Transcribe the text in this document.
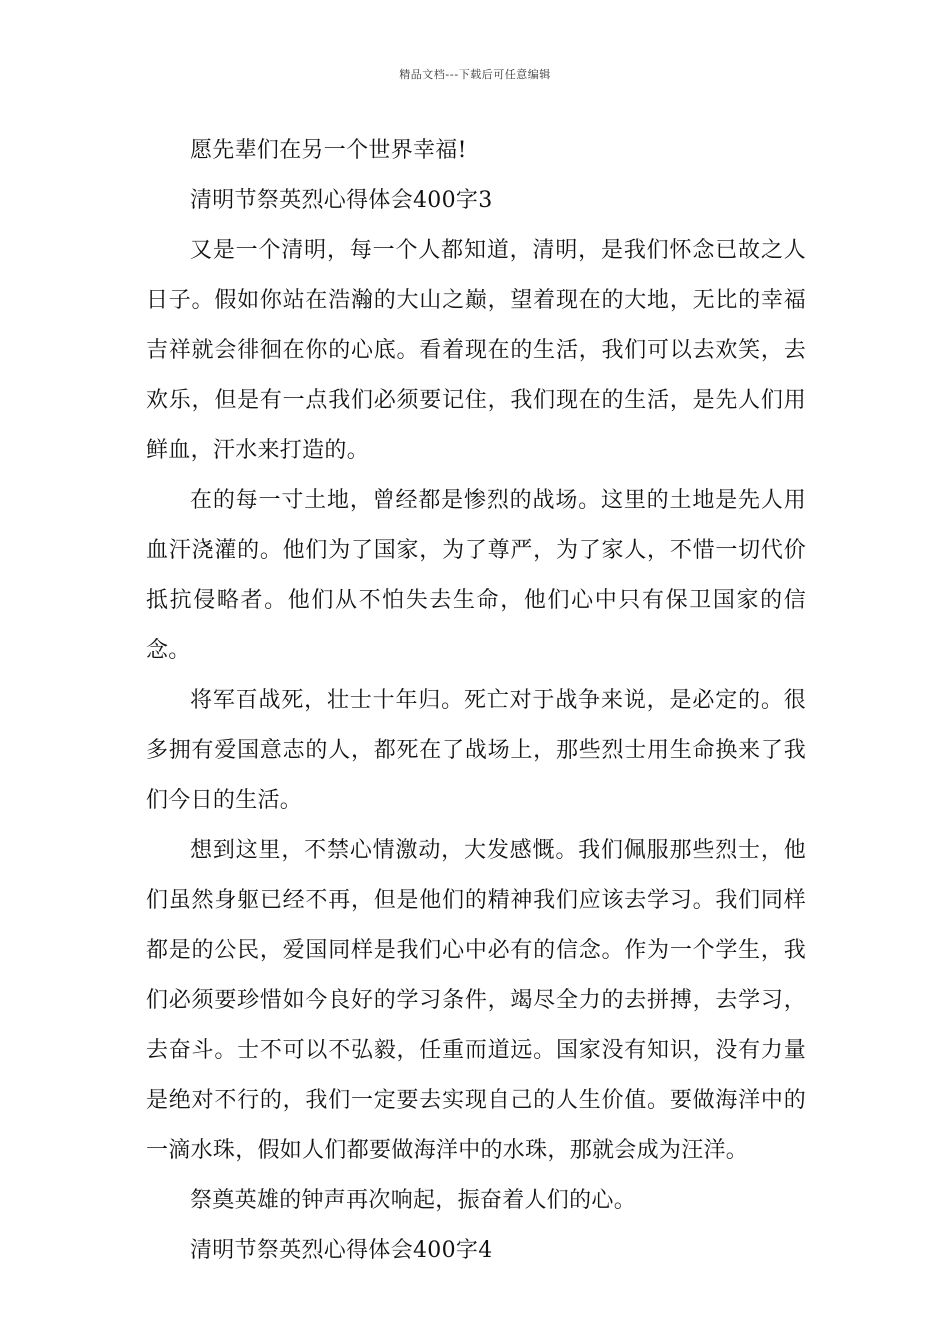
精品文档---下载后可任意编辑

愿先辈们在另一个世界幸福!

清明节祭英烈心得体会400字3

又是一个清明，每一个人都知道，清明，是我们怀念已故之人日子。假如你站在浩瀚的大山之巅，望着现在的大地，无比的幸福吉祥就会徘徊在你的心底。看着现在的生活，我们可以去欢笑，去欢乐，但是有一点我们必须要记住，我们现在的生活，是先人们用鲜血，汗水来打造的。

在的每一寸土地，曾经都是惨烈的战场。这里的土地是先人用血汗浇灌的。他们为了国家，为了尊严，为了家人，不惜一切代价抵抗侵略者。他们从不怕失去生命，他们心中只有保卫国家的信念。

将军百战死，壮士十年归。死亡对于战争来说，是必定的。很多拥有爱国意志的人，都死在了战场上，那些烈士用生命换来了我们今日的生活。

想到这里，不禁心情激动，大发感慨。我们佩服那些烈士，他们虽然身躯已经不再，但是他们的精神我们应该去学习。我们同样都是的公民，爱国同样是我们心中必有的信念。作为一个学生，我们必须要珍惜如今良好的学习条件，竭尽全力的去拼搏，去学习，去奋斗。士不可以不弘毅，任重而道远。国家没有知识，没有力量是绝对不行的，我们一定要去实现自己的人生价值。要做海洋中的一滴水珠，假如人们都要做海洋中的水珠，那就会成为汪洋。

祭奠英雄的钟声再次响起，振奋着人们的心。

清明节祭英烈心得体会400字4
